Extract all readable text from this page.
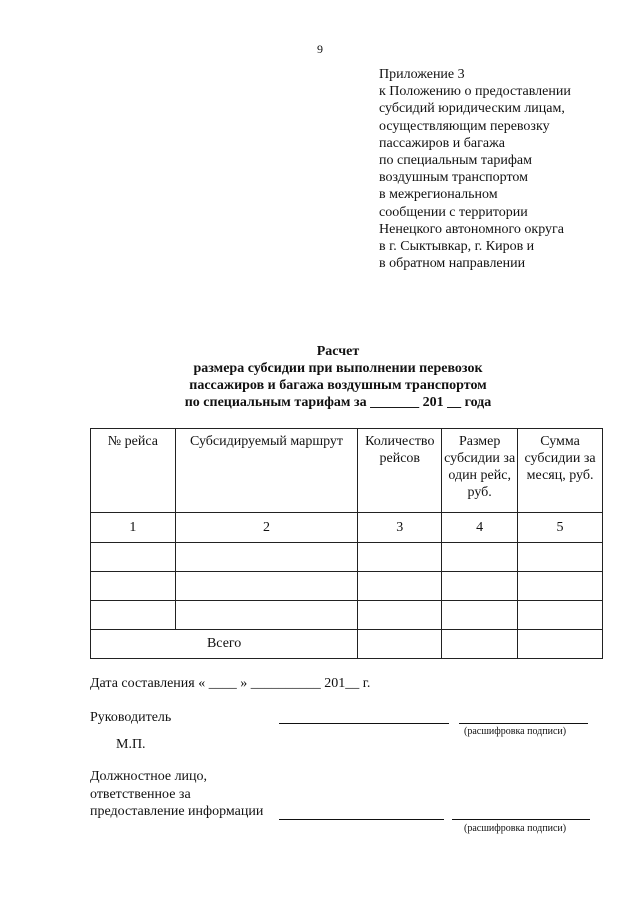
9
Приложение 3
к Положению о предоставлении
субсидий юридическим лицам,
осуществляющим перевозку
пассажиров и багажа
по специальным тарифам
воздушным транспортом
в межрегиональном
сообщении с территории
Ненецкого автономного округа
в г. Сыктывкар, г. Киров и
в обратном направлении
Расчет
размера субсидии при выполнении перевозок
пассажиров и багажа воздушным транспортом
по специальным тарифам за _______ 201 __ года
№ рейса	Субсидируемый маршрут	Количество рейсов	Размер субсидии за один рейс, руб.	Сумма субсидии за месяц, руб.
1	2	3	4	5

Всего				
Дата составления « ____ » __________ 201__ г.
Руководитель
(расшифровка подписи)
М.П.
Должностное лицо,
ответственное за
предоставление информации
(расшифровка подписи)
